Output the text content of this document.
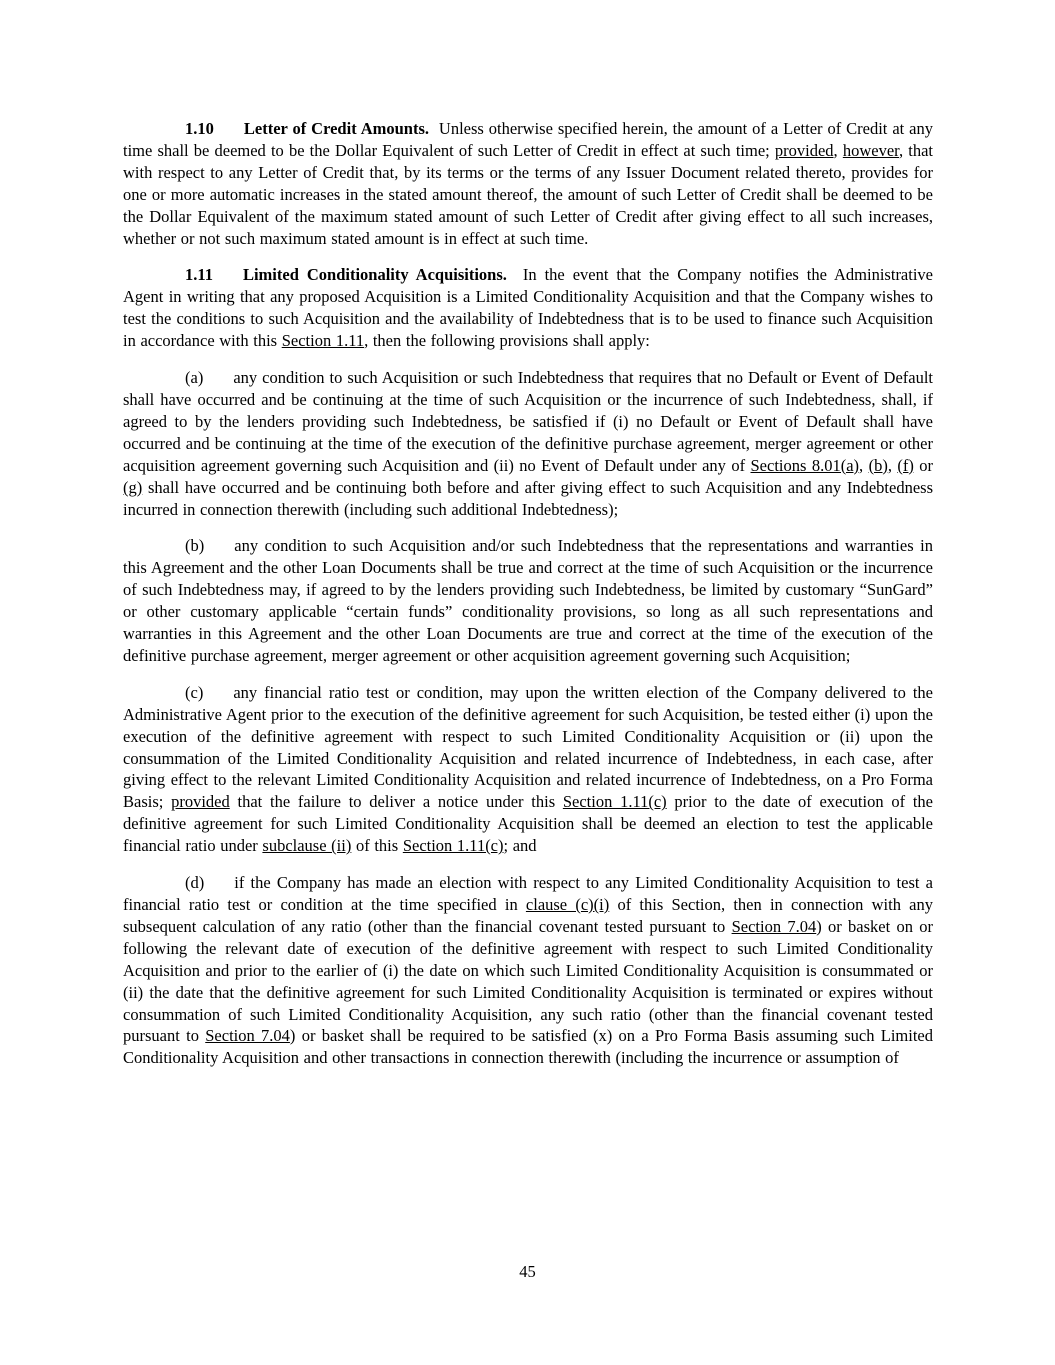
1.10 Letter of Credit Amounts.  Unless otherwise specified herein, the amount of a Letter of Credit at any time shall be deemed to be the Dollar Equivalent of such Letter of Credit in effect at such time; provided, however, that with respect to any Letter of Credit that, by its terms or the terms of any Issuer Document related thereto, provides for one or more automatic increases in the stated amount thereof, the amount of such Letter of Credit shall be deemed to be the Dollar Equivalent of the maximum stated amount of such Letter of Credit after giving effect to all such increases, whether or not such maximum stated amount is in effect at such time.

1.11 Limited Conditionality Acquisitions.  In the event that the Company notifies the Administrative Agent in writing that any proposed Acquisition is a Limited Conditionality Acquisition and that the Company wishes to test the conditions to such Acquisition and the availability of Indebtedness that is to be used to finance such Acquisition in accordance with this Section 1.11, then the following provisions shall apply:

(a) any condition to such Acquisition or such Indebtedness that requires that no Default or Event of Default shall have occurred and be continuing at the time of such Acquisition or the incurrence of such Indebtedness, shall, if agreed to by the lenders providing such Indebtedness, be satisfied if (i) no Default or Event of Default shall have occurred and be continuing at the time of the execution of the definitive purchase agreement, merger agreement or other acquisition agreement governing such Acquisition and (ii) no Event of Default under any of Sections 8.01(a), (b), (f) or (g) shall have occurred and be continuing both before and after giving effect to such Acquisition and any Indebtedness incurred in connection therewith (including such additional Indebtedness);

(b) any condition to such Acquisition and/or such Indebtedness that the representations and warranties in this Agreement and the other Loan Documents shall be true and correct at the time of such Acquisition or the incurrence of such Indebtedness may, if agreed to by the lenders providing such Indebtedness, be limited by customary “SunGard” or other customary applicable “certain funds” conditionality provisions, so long as all such representations and warranties in this Agreement and the other Loan Documents are true and correct at the time of the execution of the definitive purchase agreement, merger agreement or other acquisition agreement governing such Acquisition;

(c) any financial ratio test or condition, may upon the written election of the Company delivered to the Administrative Agent prior to the execution of the definitive agreement for such Acquisition, be tested either (i) upon the execution of the definitive agreement with respect to such Limited Conditionality Acquisition or (ii) upon the consummation of the Limited Conditionality Acquisition and related incurrence of Indebtedness, in each case, after giving effect to the relevant Limited Conditionality Acquisition and related incurrence of Indebtedness, on a Pro Forma Basis; provided that the failure to deliver a notice under this Section 1.11(c) prior to the date of execution of the definitive agreement for such Limited Conditionality Acquisition shall be deemed an election to test the applicable financial ratio under subclause (ii) of this Section 1.11(c); and

(d) if the Company has made an election with respect to any Limited Conditionality Acquisition to test a financial ratio test or condition at the time specified in clause (c)(i) of this Section, then in connection with any subsequent calculation of any ratio (other than the financial covenant tested pursuant to Section 7.04) or basket on or following the relevant date of execution of the definitive agreement with respect to such Limited Conditionality Acquisition and prior to the earlier of (i) the date on which such Limited Conditionality Acquisition is consummated or (ii) the date that the definitive agreement for such Limited Conditionality Acquisition is terminated or expires without consummation of such Limited Conditionality Acquisition, any such ratio (other than the financial covenant tested pursuant to Section 7.04) or basket shall be required to be satisfied (x) on a Pro Forma Basis assuming such Limited Conditionality Acquisition and other transactions in connection therewith (including the incurrence or assumption of

45
